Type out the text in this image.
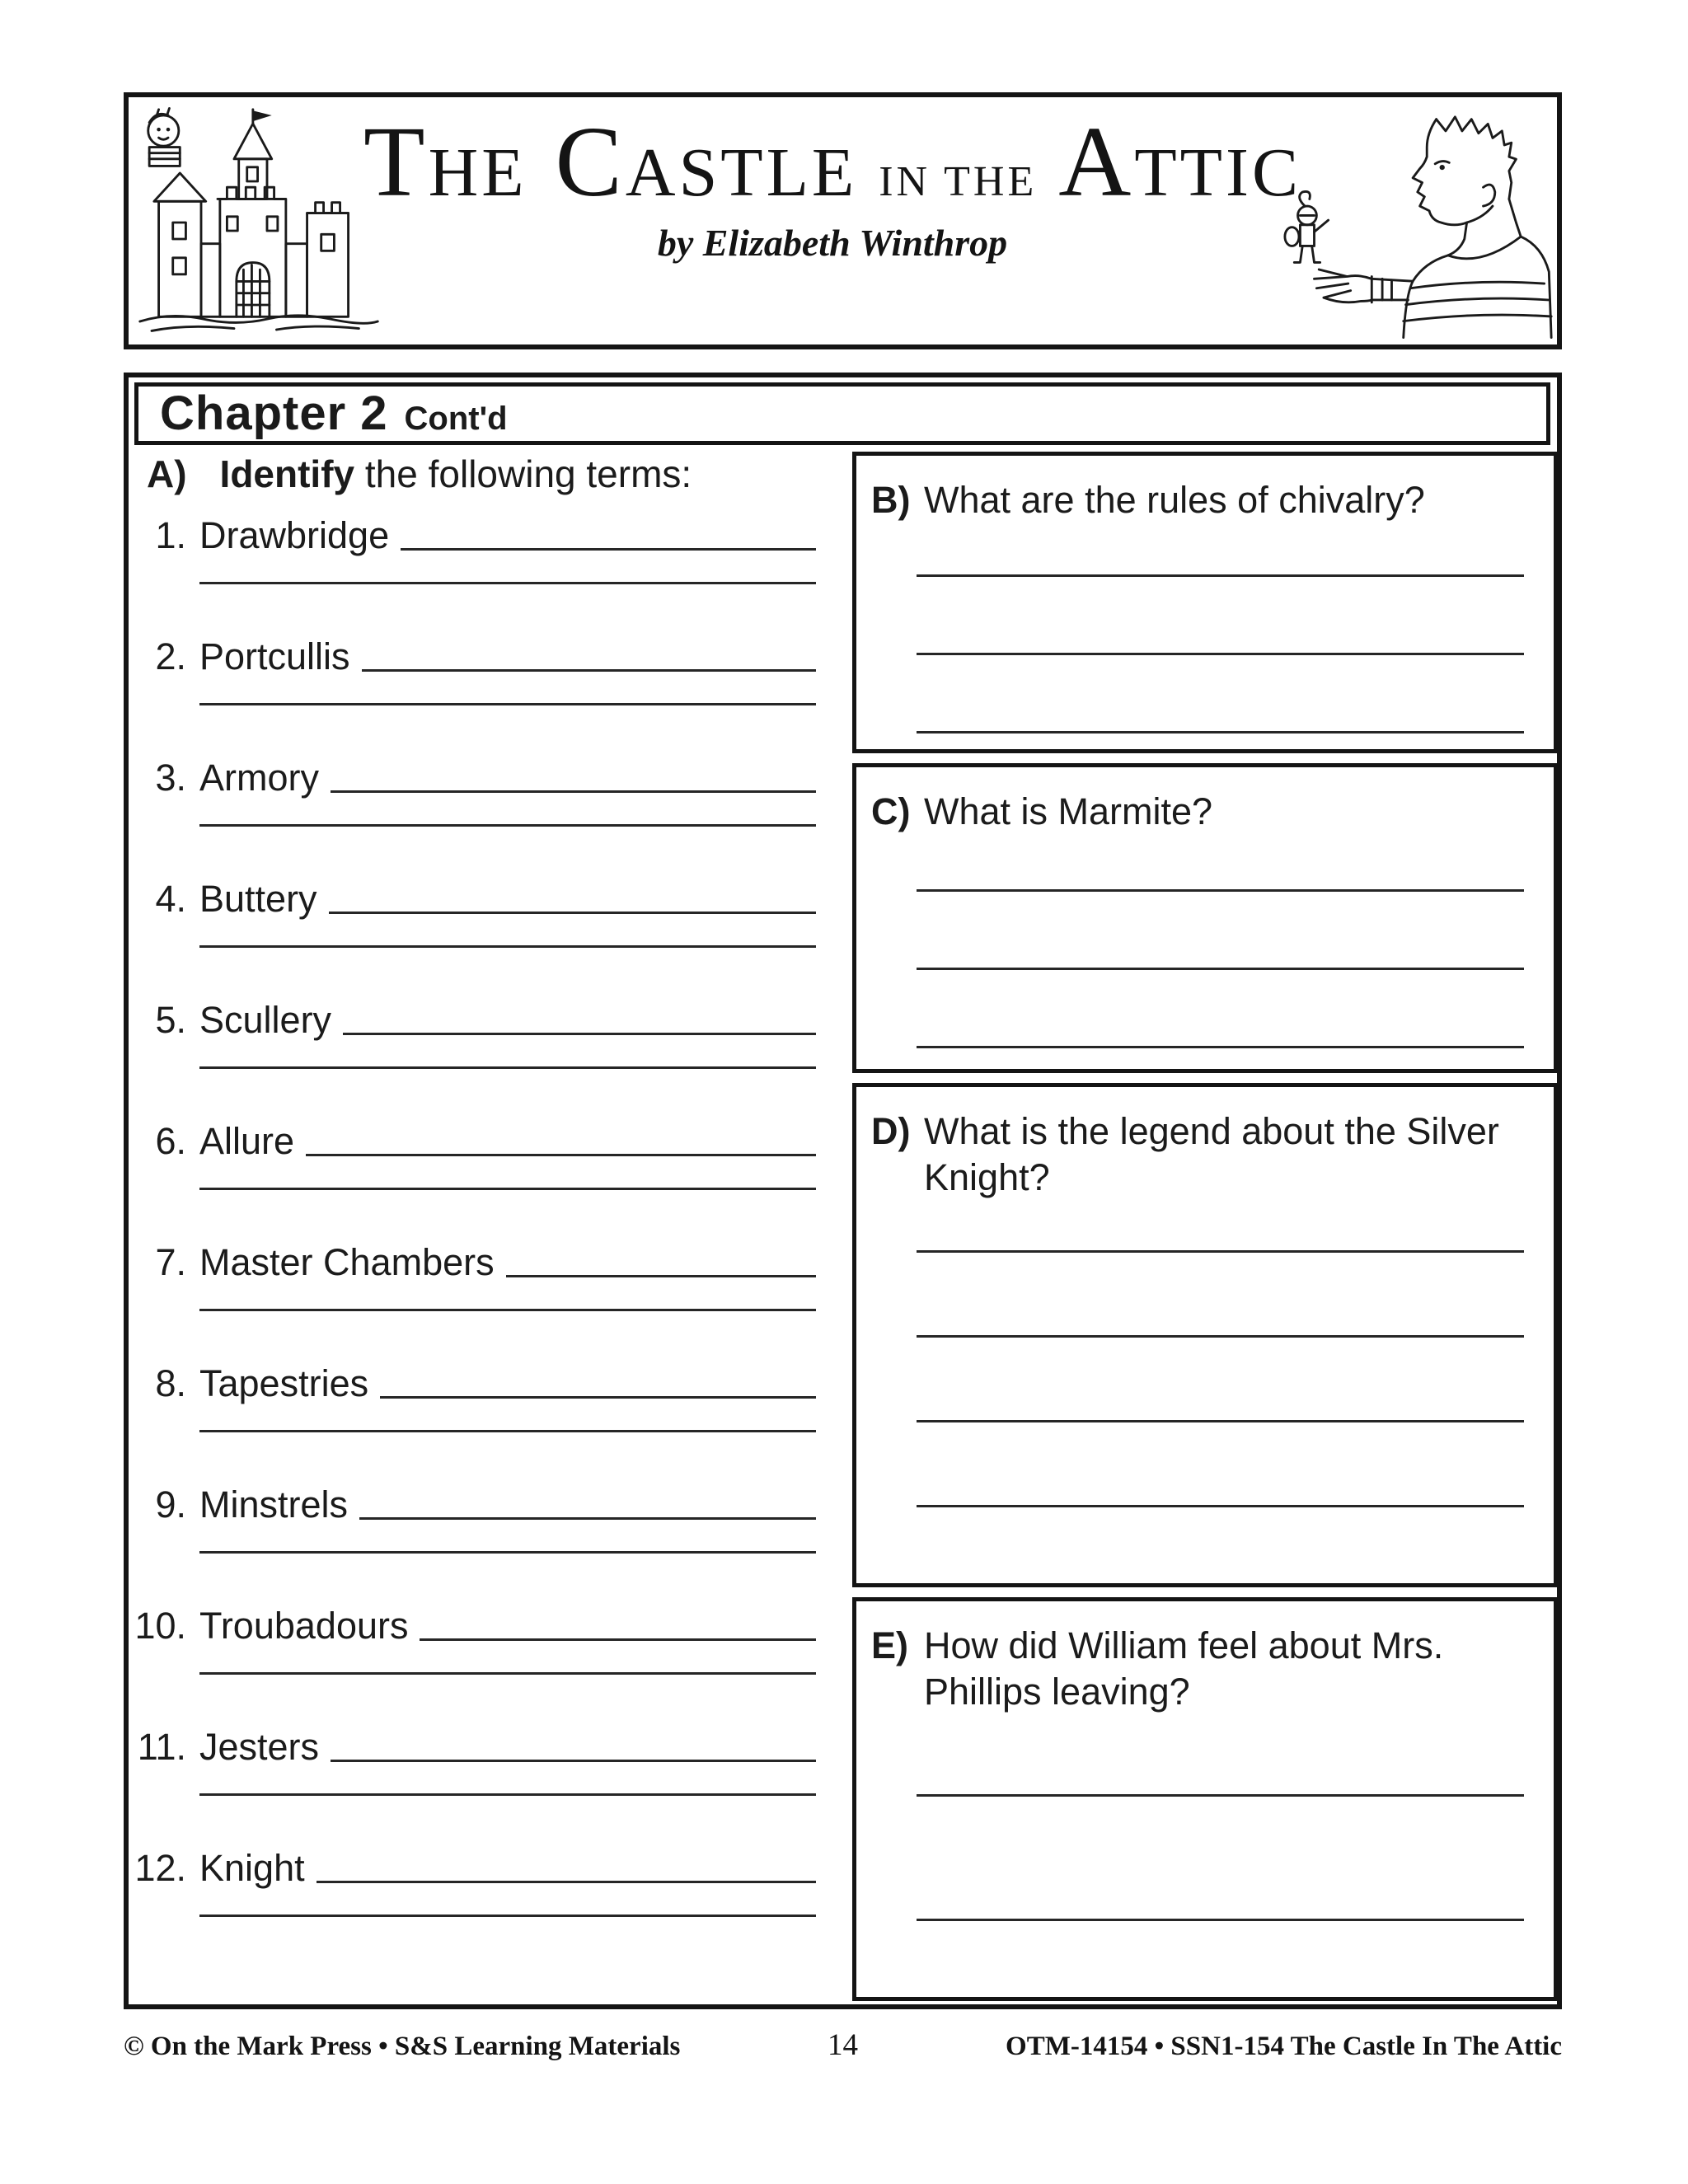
T HE C ASTLE IN THE A TTIC
by Elizabeth Winthrop
Chapter 2 Cont'd
A) Identify the following terms:
1. Drawbridge
2. Portcullis
3. Armory
4. Buttery
5. Scullery
6. Allure
7. Master Chambers
8. Tapestries
9. Minstrels
10. Troubadours
11. Jesters
12. Knight
B) What are the rules of chivalry?
C) What is Marmite?
D) What is the legend about the Silver Knight?
E) How did William feel about Mrs. Phillips leaving?
© On the Mark Press • S&S Learning Materials	14	OTM-14154 • SSN1-154 The Castle In The Attic
